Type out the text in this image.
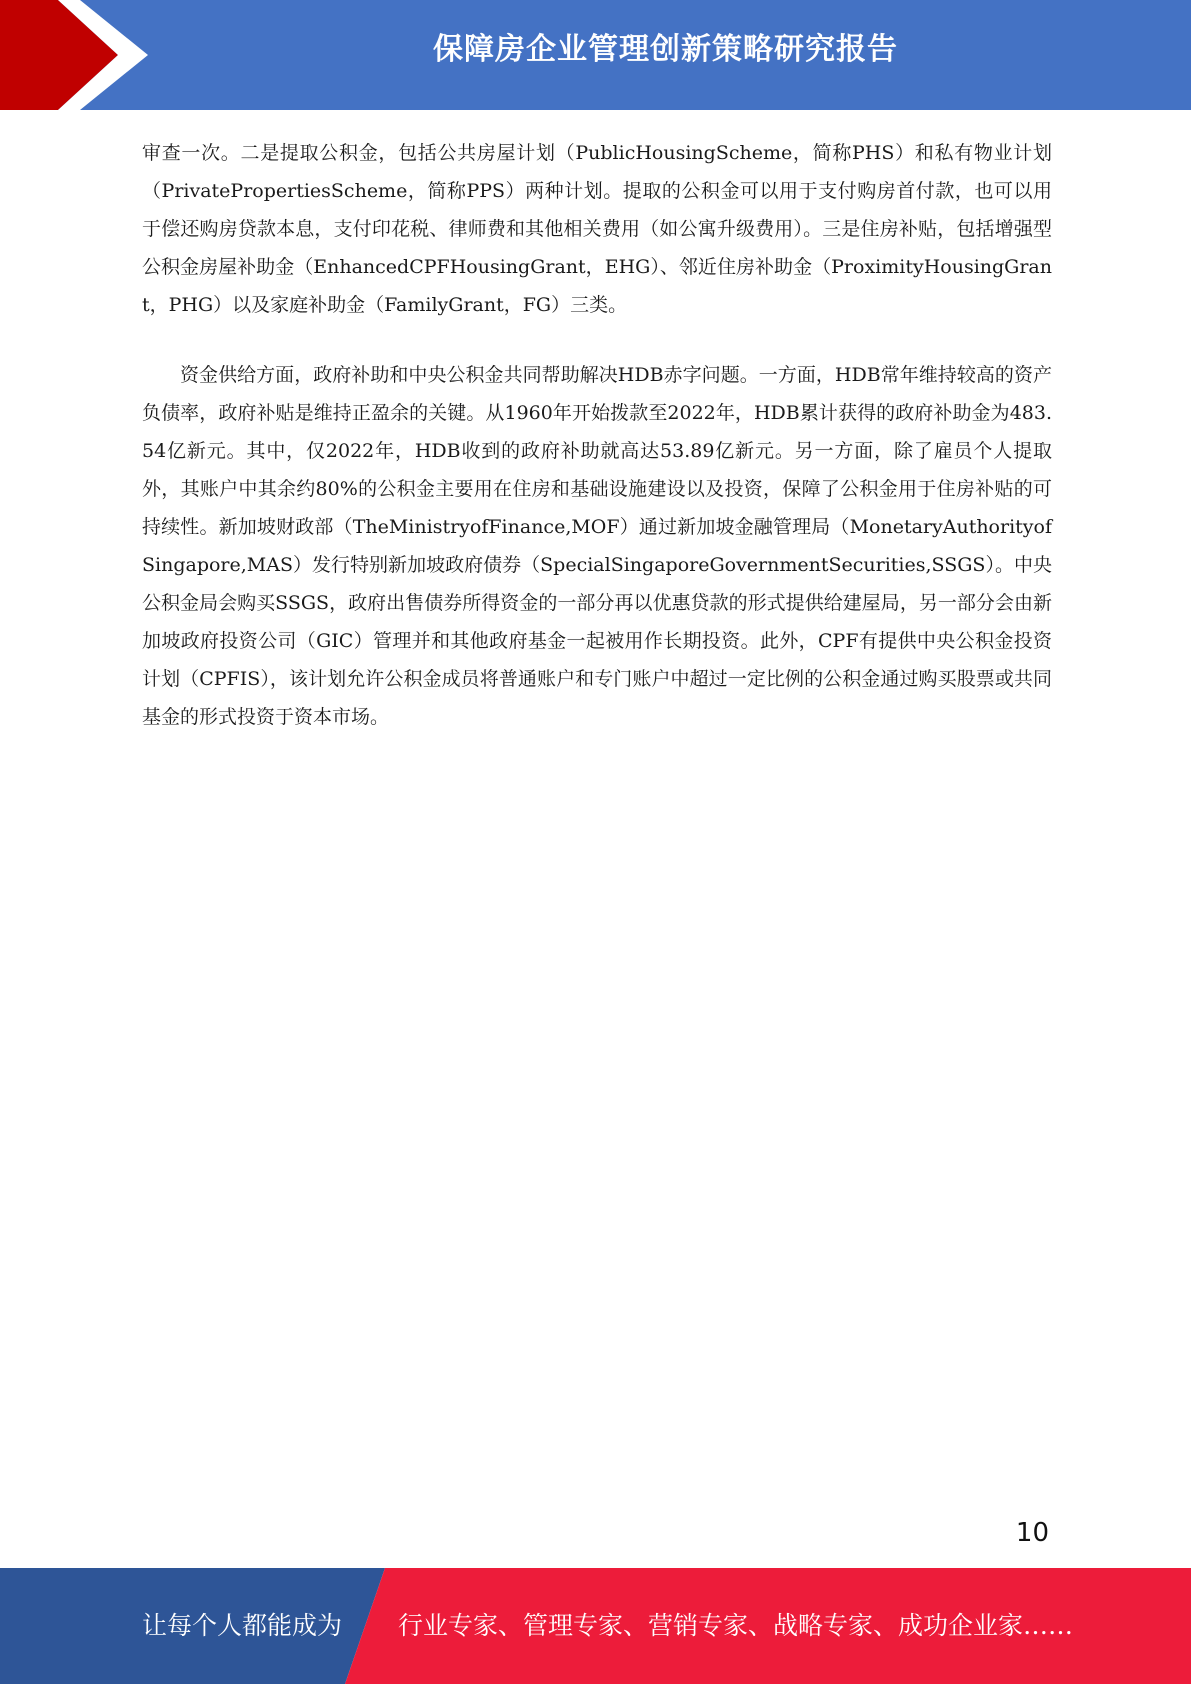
保障房企业管理创新策略研究报告

审查一次。二是提取公积金，包括公共房屋计划（PublicHousingScheme，简称PHS）和私有物业计划（PrivatePropertiesScheme，简称PPS）两种计划。提取的公积金可以用于支付购房首付款，也可以用于偿还购房贷款本息，支付印花税、律师费和其他相关费用（如公寓升级费用）。三是住房补贴，包括增强型公积金房屋补助金（EnhancedCPFHousingGrant，EHG）、邻近住房补助金（ProximityHousingGrant，PHG）以及家庭补助金（FamilyGrant，FG）三类。

资金供给方面，政府补助和中央公积金共同帮助解决HDB赤字问题。一方面，HDB常年维持较高的资产负债率，政府补贴是维持正盈余的关键。从1960年开始拨款至2022年，HDB累计获得的政府补助金为483.54亿新元。其中，仅2022年，HDB收到的政府补助就高达53.89亿新元。另一方面，除了雇员个人提取外，其账户中其余约80%的公积金主要用在住房和基础设施建设以及投资，保障了公积金用于住房补贴的可持续性。新加坡财政部（TheMinistryofFinance,MOF）通过新加坡金融管理局（MonetaryAuthorityofSingapore,MAS）发行特别新加坡政府债券（SpecialSingaporeGovernmentSecurities,SSGS）。中央公积金局会购买SSGS，政府出售债券所得资金的一部分再以优惠贷款的形式提供给建屋局，另一部分会由新加坡政府投资公司（GIC）管理并和其他政府基金一起被用作长期投资。此外，CPF有提供中央公积金投资计划（CPFIS），该计划允许公积金成员将普通账户和专门账户中超过一定比例的公积金通过购买股票或共同基金的形式投资于资本市场。

10
让每个人都能成为 行业专家、管理专家、营销专家、战略专家、成功企业家……
